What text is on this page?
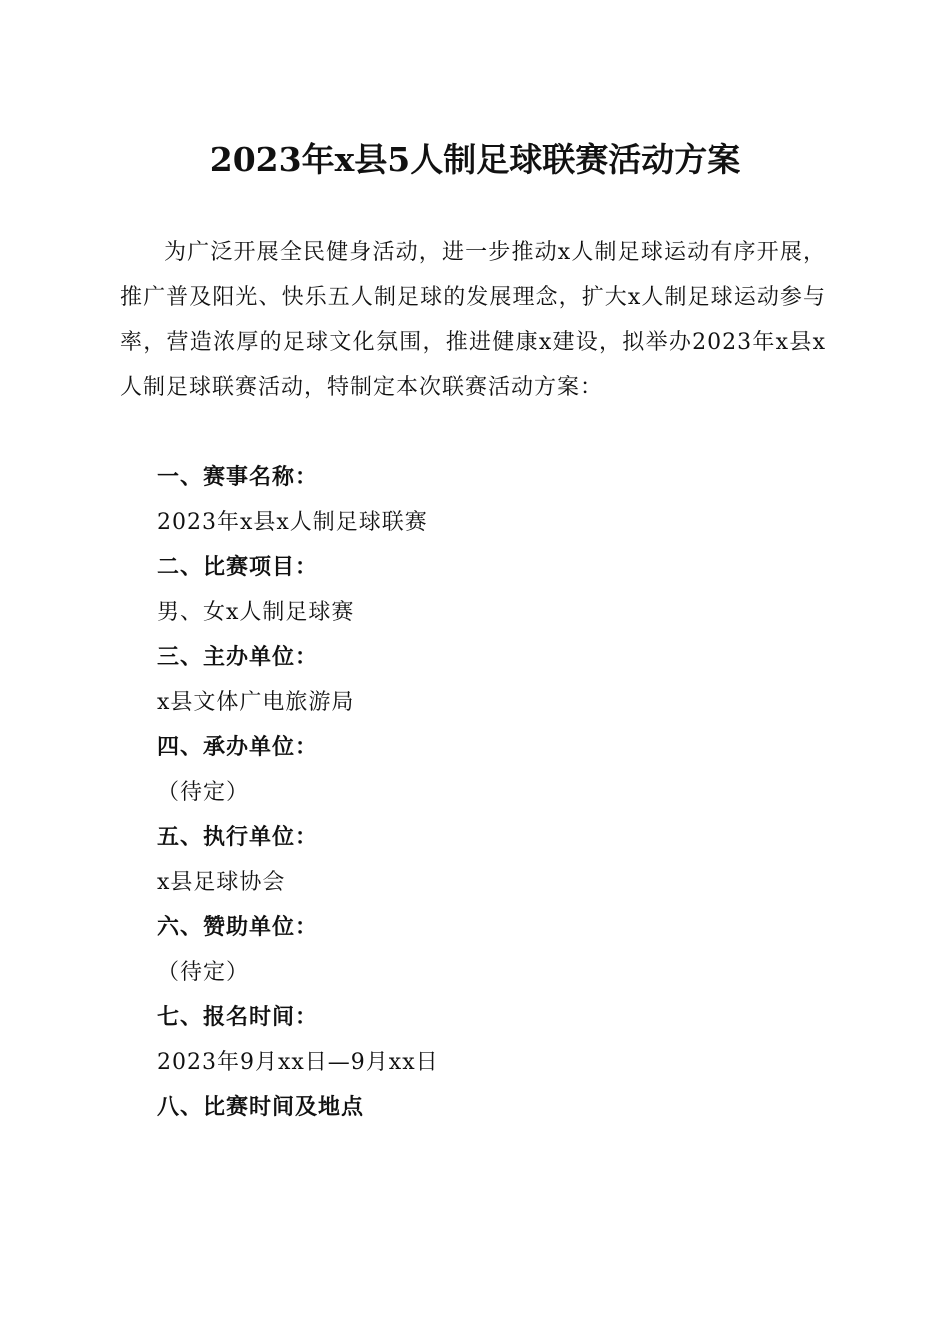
2023年x县5人制足球联赛活动方案
为广泛开展全民健身活动，进一步推动x人制足球运动有序开展，推广普及阳光、快乐五人制足球的发展理念，扩大x人制足球运动参与率，营造浓厚的足球文化氛围，推进健康x建设，拟举办2023年x县x人制足球联赛活动，特制定本次联赛活动方案：
一、赛事名称：
2023年x县x人制足球联赛
二、比赛项目：
男、女x人制足球赛
三、主办单位：
x县文体广电旅游局
四、承办单位：
（待定）
五、执行单位：
x县足球协会
六、赞助单位：
（待定）
七、报名时间：
2023年9月xx日—9月xx日
八、比赛时间及地点
